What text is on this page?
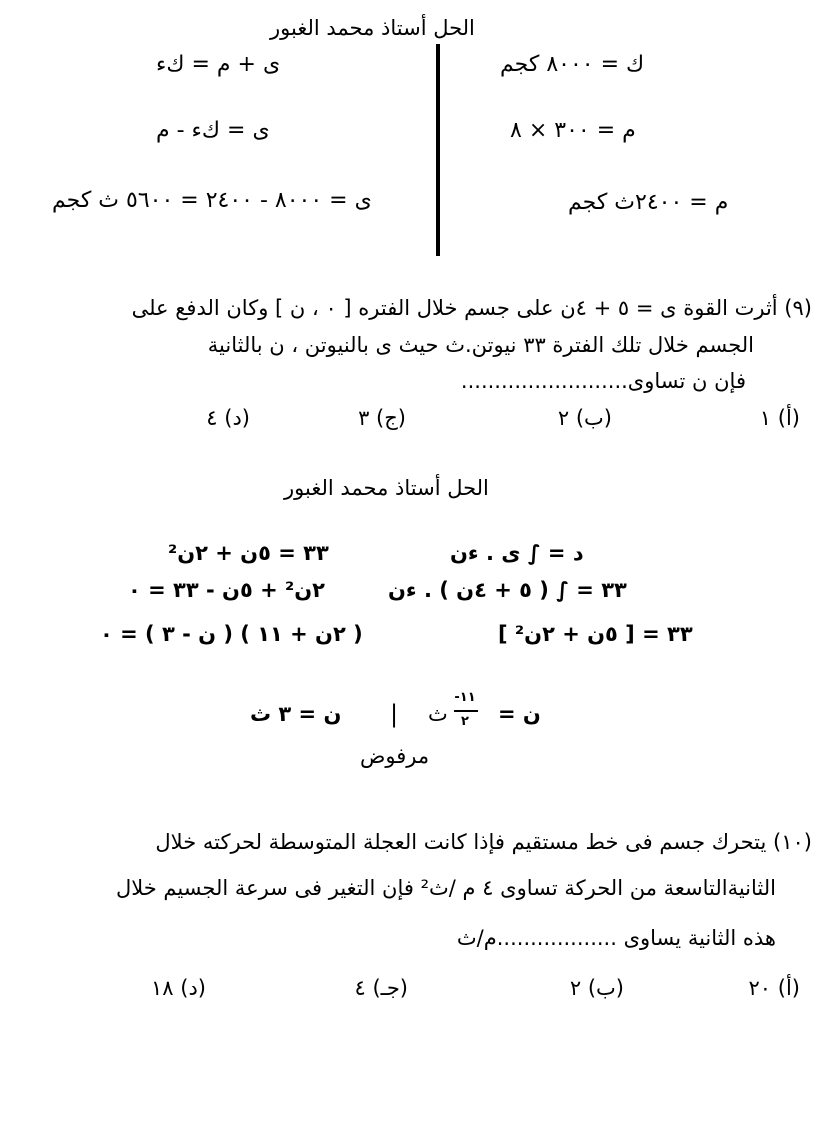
الحل أستاذ محمد الغبور
ك = ٨٠٠٠ كجم
م = ٣٠٠ × ٨
م = ٢٤٠٠ث كجم
ى + م = كء
ى = كء - م
ى = ٨٠٠٠ - ٢٤٠٠ = ٥٦٠٠ ث كجم
(٩) أثرت القوة ى = ٥ + ٤ن على جسم خلال الفتره [ ٠ ، ن ] وكان الدفع على
الجسم خلال تلك الفترة ٣٣ نيوتن.ث حيث ى بالنيوتن ، ن بالثانية
فإن ن تساوى.........................
(أ) ١
(ب) ٢
(ج) ٣
(د) ٤
الحل أستاذ محمد الغبور
د = ∫ ى . ءن
٣٣ = ٥ن + ٢ن²
٣٣ = ∫ ( ٥ + ٤ن ) . ءن
٢ن² + ٥ن - ٣٣ = ٠
٣٣ = [ ٥ن + ٢ن² ]
( ٢ن + ١١ ) ( ن - ٣ ) = ٠
ن =
-١١
٢
ث
|
ن = ٣ ث
مرفوض
(١٠) يتحرك جسم فى خط مستقيم فإذا كانت العجلة المتوسطة لحركته خلال
الثانيةالتاسعة من الحركة تساوى ٤ م /ث² فإن التغير فى سرعة الجسيم خلال
هذه الثانية يساوى ..................م/ث
(أ) ٢٠
(ب) ٢
(جـ) ٤
(د) ١٨
